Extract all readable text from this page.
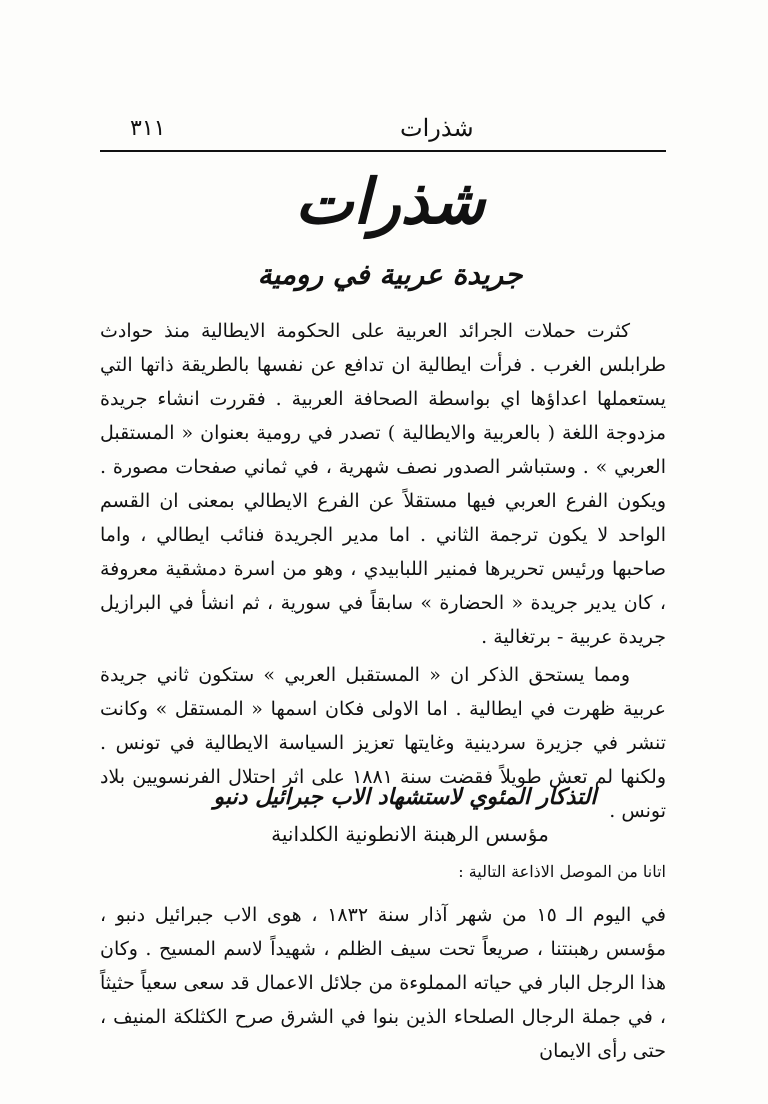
٣١١	شذرات
شذرات
جريدة عربية في رومية

كثرت حملات الجرائد العربية على الحكومة الايطالية منذ حوادث طرابلس الغرب . فرأت ايطالية ان تدافع عن نفسها بالطريقة ذاتها التي يستعملها اعداؤها اي بواسطة الصحافة العربية . فقررت انشاء جريدة مزدوجة اللغة ( بالعربية والايطالية ) تصدر في رومية بعنوان « المستقبل العربي » . وستباشر الصدور نصف شهرية ، في ثماني صفحات مصورة . ويكون الفرع العربي فيها مستقلاً عن الفرع الايطالي بمعنى ان القسم الواحد لا يكون ترجمة الثاني . اما مدير الجريدة فنائب ايطالي ، واما صاحبها ورئيس تحريرها فمنير اللبابيدي ، وهو من اسرة دمشقية معروفة ، كان يدير جريدة « الحضارة » سابقاً في سورية ، ثم انشأ في البرازيل جريدة عربية - برتغالية .

ومما يستحق الذكر ان « المستقبل العربي » ستكون ثاني جريدة عربية ظهرت في ايطالية . اما الاولى فكان اسمها « المستقل » وكانت تنشر في جزيرة سردينية وغايتها تعزيز السياسة الايطالية في تونس . ولكنها لم تعش طويلاً فقضت سنة ١٨٨١ على اثر احتلال الفرنسويين بلاد تونس .

التذكار المئوي لاستشهاد الاب جبرائيل دنبو
مؤسس الرهبنة الانطونية الكلدانية
اتانا من الموصل الاذاعة التالية :

في اليوم الـ ١٥ من شهر آذار سنة ١٨٣٢ ، هوى الاب جبرائيل دنبو ، مؤسس رهبنتنا ، صريعاً تحت سيف الظلم ، شهيداً لاسم المسيح . وكان هذا الرجل البار في حياته المملوءة من جلائل الاعمال قد سعى سعياً حثيثاً ، في جملة الرجال الصلحاء الذين بنوا في الشرق صرح الكثلكة المنيف ، حتى رأى الايمان
